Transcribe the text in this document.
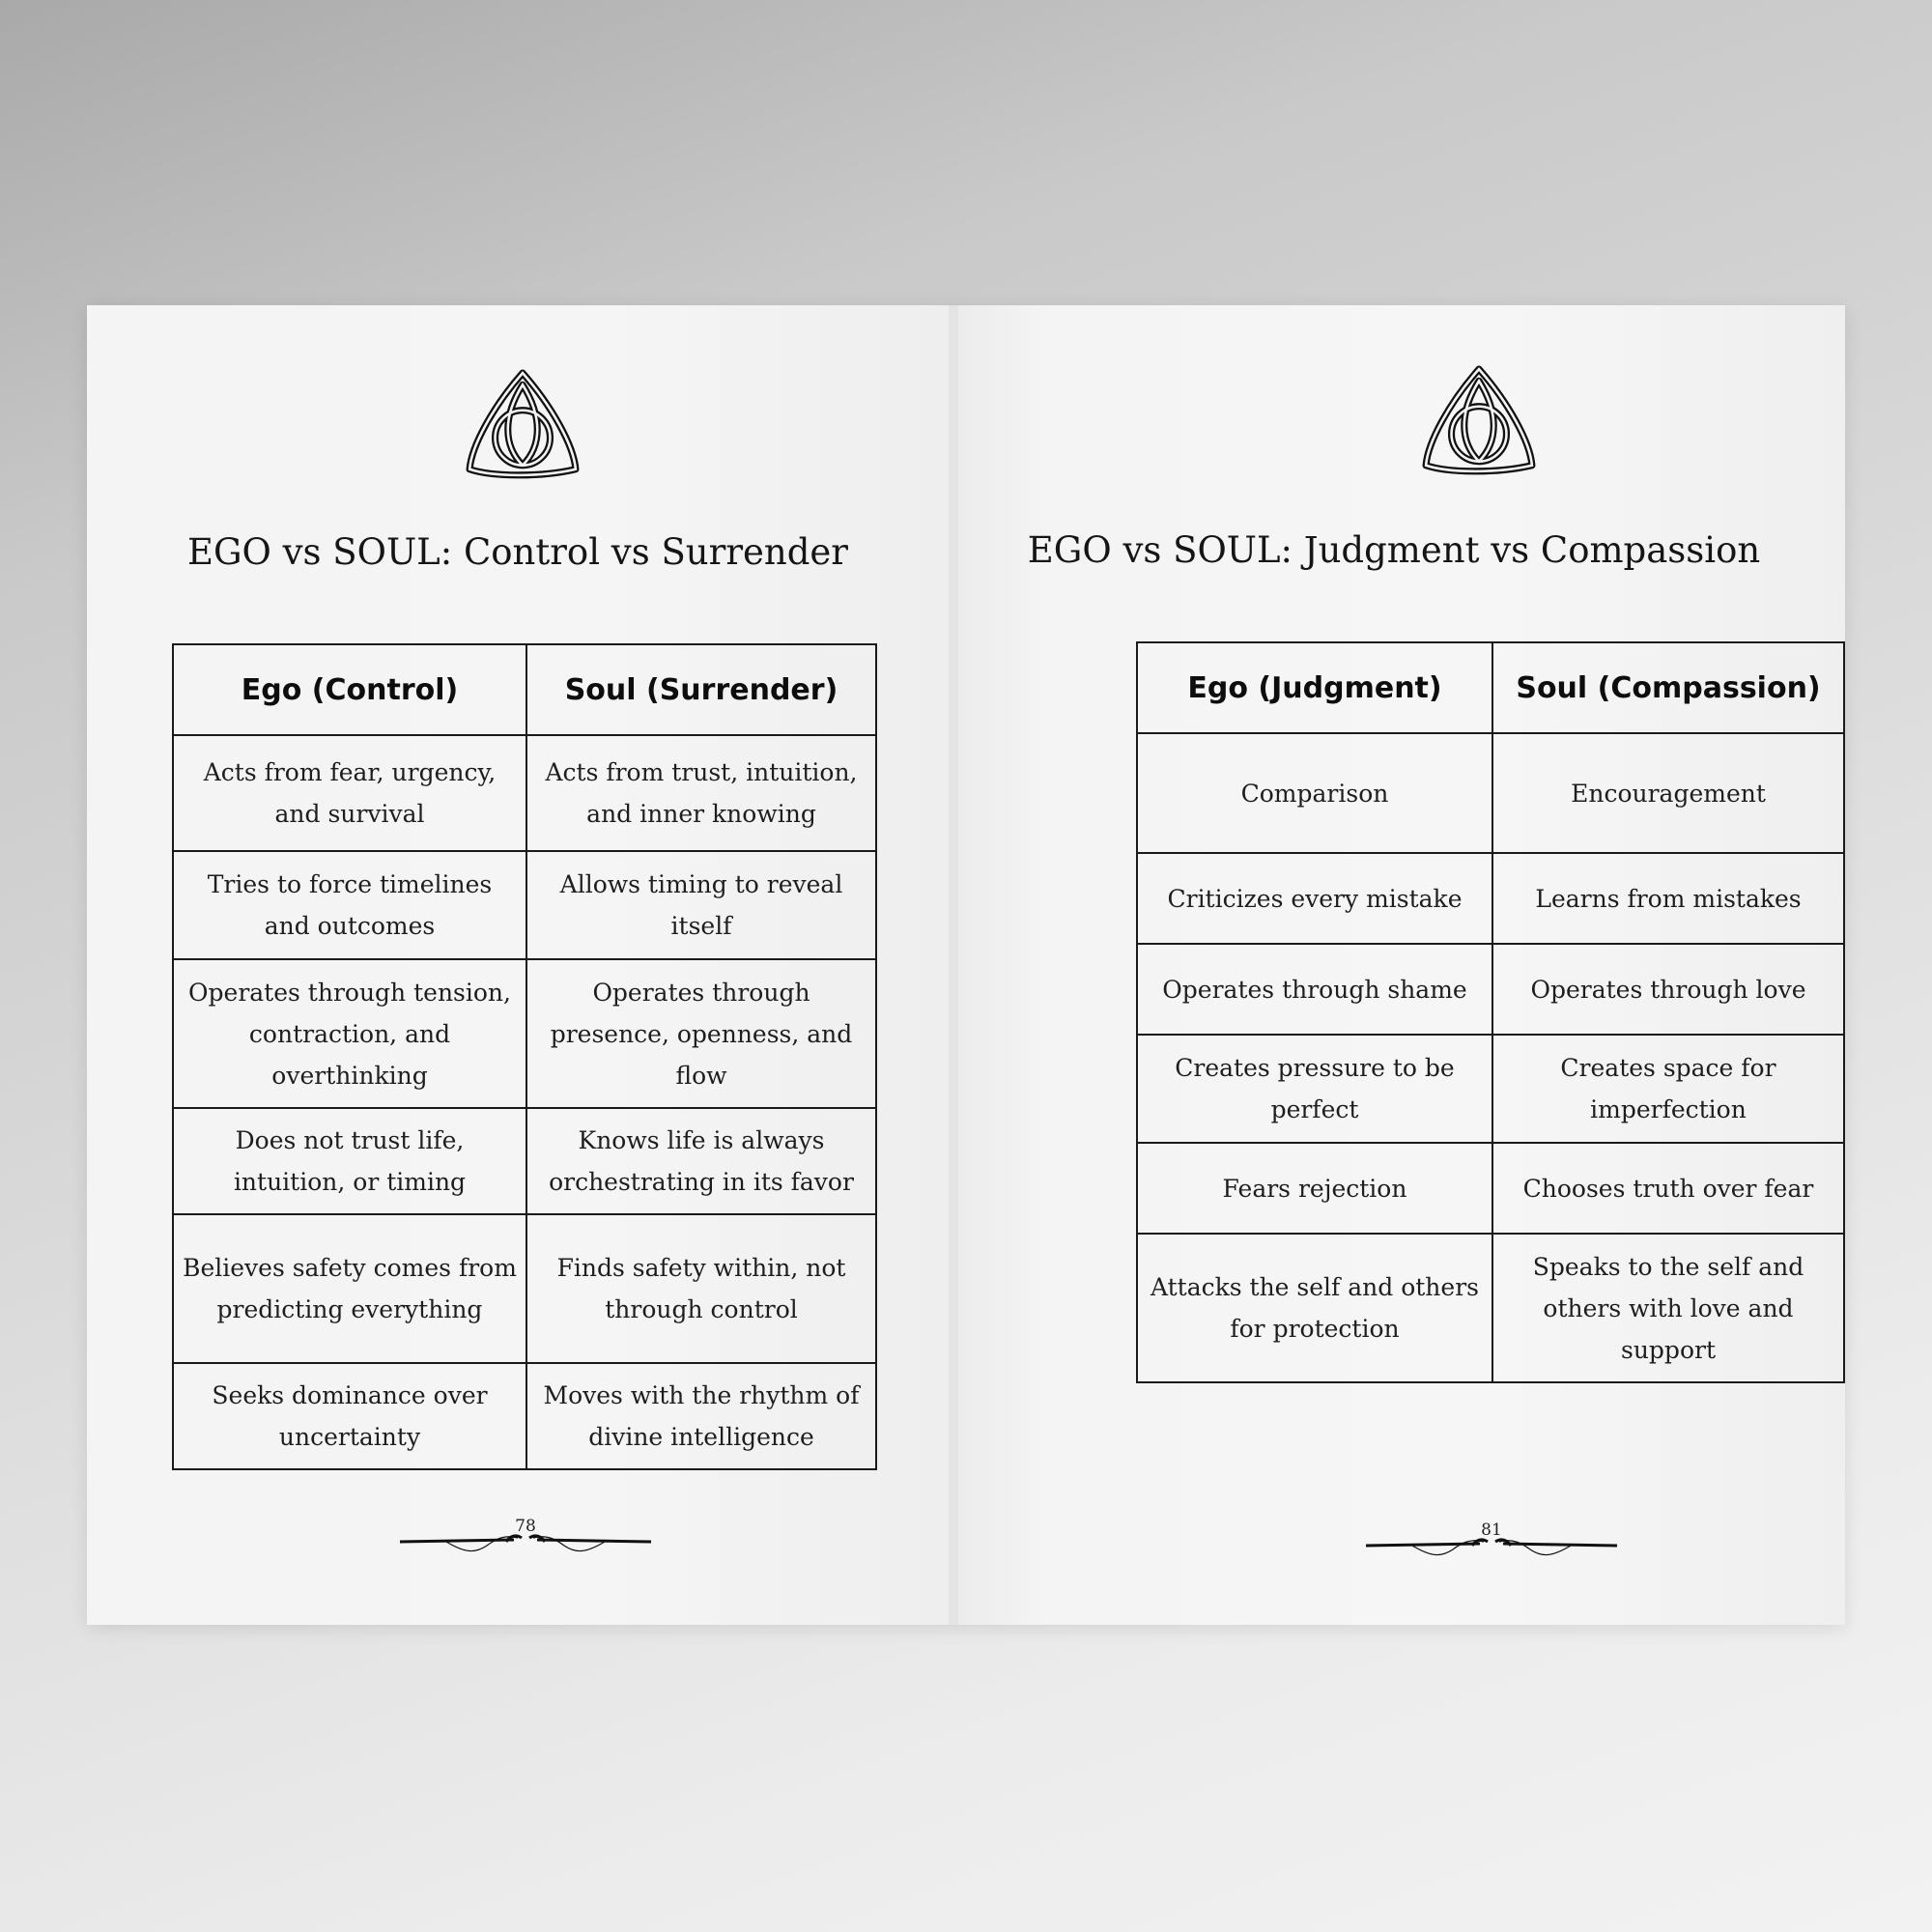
EGO vs SOUL: Control vs Surrender
Ego (Control)	Soul (Surrender)
Acts from fear, urgency, and survival	Acts from trust, intuition, and inner knowing
Tries to force timelines and outcomes	Allows timing to reveal itself
Operates through tension, contraction, and overthinking	Operates through presence, openness, and flow
Does not trust life, intuition, or timing	Knows life is always orchestrating in its favor
Believes safety comes from predicting everything	Finds safety within, not through control
Seeks dominance over uncertainty	Moves with the rhythm of divine intelligence
78
EGO vs SOUL: Judgment vs Compassion
Ego (Judgment)	Soul (Compassion)
Comparison	Encouragement
Criticizes every mistake	Learns from mistakes
Operates through shame	Operates through love
Creates pressure to be perfect	Creates space for imperfection
Fears rejection	Chooses truth over fear
Attacks the self and others for protection	Speaks to the self and others with love and support
81
